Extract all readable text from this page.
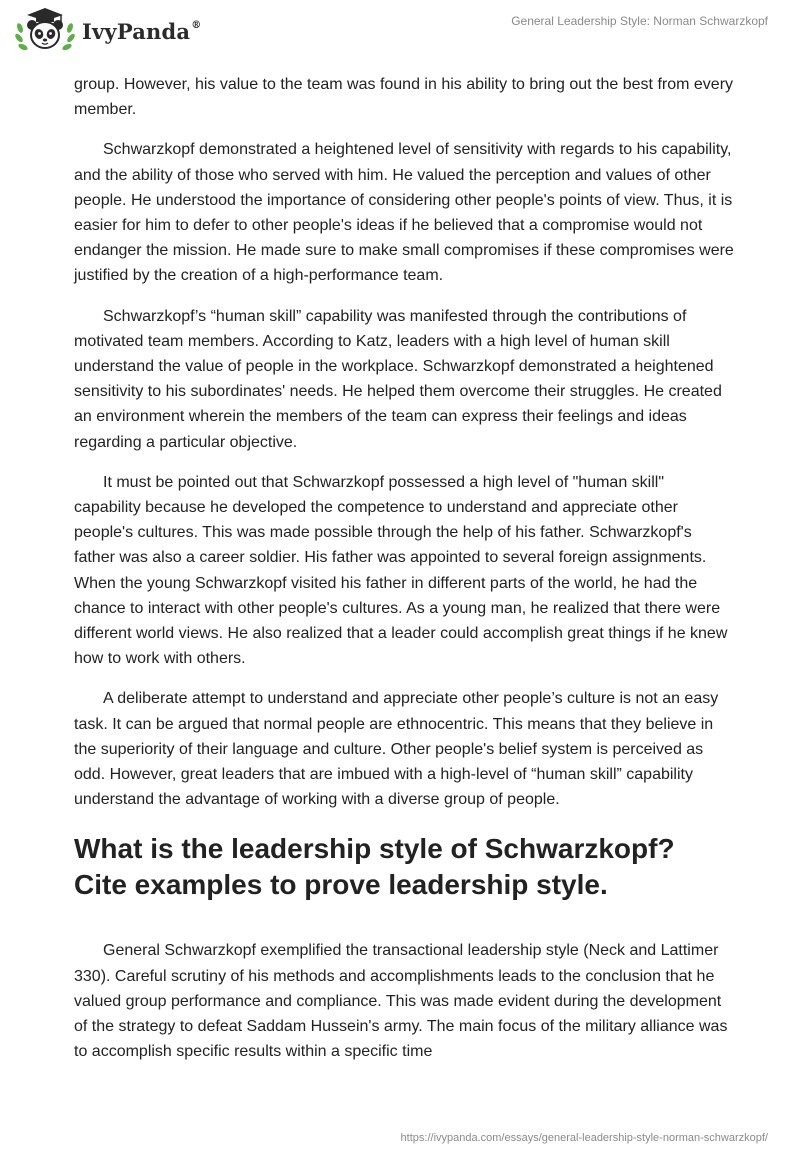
IvyPanda®	General Leadership Style: Norman Schwarzkopf

group. However, his value to the team was found in his ability to bring out the best from every member.

Schwarzkopf demonstrated a heightened level of sensitivity with regards to his capability, and the ability of those who served with him. He valued the perception and values of other people. He understood the importance of considering other people's points of view. Thus, it is easier for him to defer to other people's ideas if he believed that a compromise would not endanger the mission. He made sure to make small compromises if these compromises were justified by the creation of a high-performance team.

Schwarzkopf’s “human skill” capability was manifested through the contributions of motivated team members. According to Katz, leaders with a high level of human skill understand the value of people in the workplace. Schwarzkopf demonstrated a heightened sensitivity to his subordinates' needs. He helped them overcome their struggles. He created an environment wherein the members of the team can express their feelings and ideas regarding a particular objective.

It must be pointed out that Schwarzkopf possessed a high level of "human skill" capability because he developed the competence to understand and appreciate other people's cultures. This was made possible through the help of his father. Schwarzkopf's father was also a career soldier. His father was appointed to several foreign assignments. When the young Schwarzkopf visited his father in different parts of the world, he had the chance to interact with other people's cultures. As a young man, he realized that there were different world views. He also realized that a leader could accomplish great things if he knew how to work with others.

A deliberate attempt to understand and appreciate other people’s culture is not an easy task. It can be argued that normal people are ethnocentric. This means that they believe in the superiority of their language and culture. Other people's belief system is perceived as odd. However, great leaders that are imbued with a high-level of “human skill” capability understand the advantage of working with a diverse group of people.

What is the leadership style of Schwarzkopf? Cite examples to prove leadership style.

General Schwarzkopf exemplified the transactional leadership style (Neck and Lattimer 330). Careful scrutiny of his methods and accomplishments leads to the conclusion that he valued group performance and compliance. This was made evident during the development of the strategy to defeat Saddam Hussein's army. The main focus of the military alliance was to accomplish specific results within a specific time

https://ivypanda.com/essays/general-leadership-style-norman-schwarzkopf/
